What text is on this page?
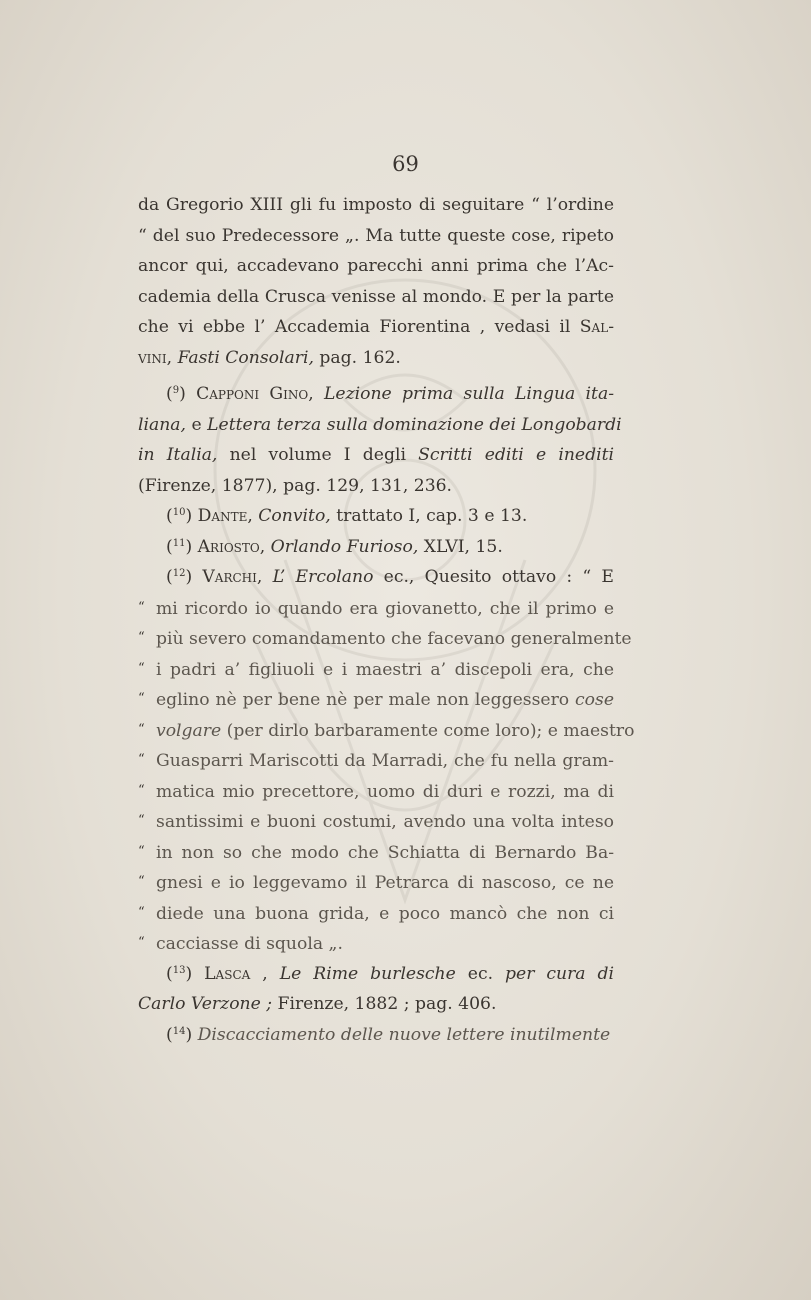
69
da Gregorio XIII gli fu imposto di seguitare “ l’ordine
“ del suo Predecessore „. Ma tutte queste cose, ripeto
ancor qui, accadevano parecchi anni prima che l’Ac-
cademia della Crusca venisse al mondo. E per la parte
che vi ebbe l’ Accademia Fiorentina , vedasi il Sal-
vini, Fasti Consolari, pag. 162.
($^9$) Capponi Gino, Lezione prima sulla Lingua ita-
liana, e Lettera terza sulla dominazione dei Longobardi
in Italia, nel volume I degli Scritti editi e inediti
(Firenze, 1877), pag. 129, 131, 236.
($^{10}$) Dante, Convito, trattato I, cap. 3 e 13.
($^{11}$) Ariosto, Orlando Furioso, XLVI, 15.
($^{12}$) Varchi, L’ Ercolano ec., Quesito ottavo : “ E
“ mi ricordo io quando era giovanetto, che il primo e
“ più severo comandamento che facevano generalmente
“ i padri a’ figliuoli e i maestri a’ discepoli era, che
“ eglino nè per bene nè per male non leggessero cose
“ volgare (per dirlo barbaramente come loro); e maestro
“ Guasparri Mariscotti da Marradi, che fu nella gram-
“ matica mio precettore, uomo di duri e rozzi, ma di
“ santissimi e buoni costumi, avendo una volta inteso
“ in non so che modo che Schiatta di Bernardo Ba-
“ gnesi e io leggevamo il Petrarca di nascoso, ce ne
“ diede una buona grida, e poco mancò che non ci
“ cacciasse di squola „.
($^{13}$) Lasca , Le Rime burlesche ec. per cura di
Carlo Verzone ; Firenze, 1882 ; pag. 406.
($^{14}$) Discacciamento delle nuove lettere inutilmente
